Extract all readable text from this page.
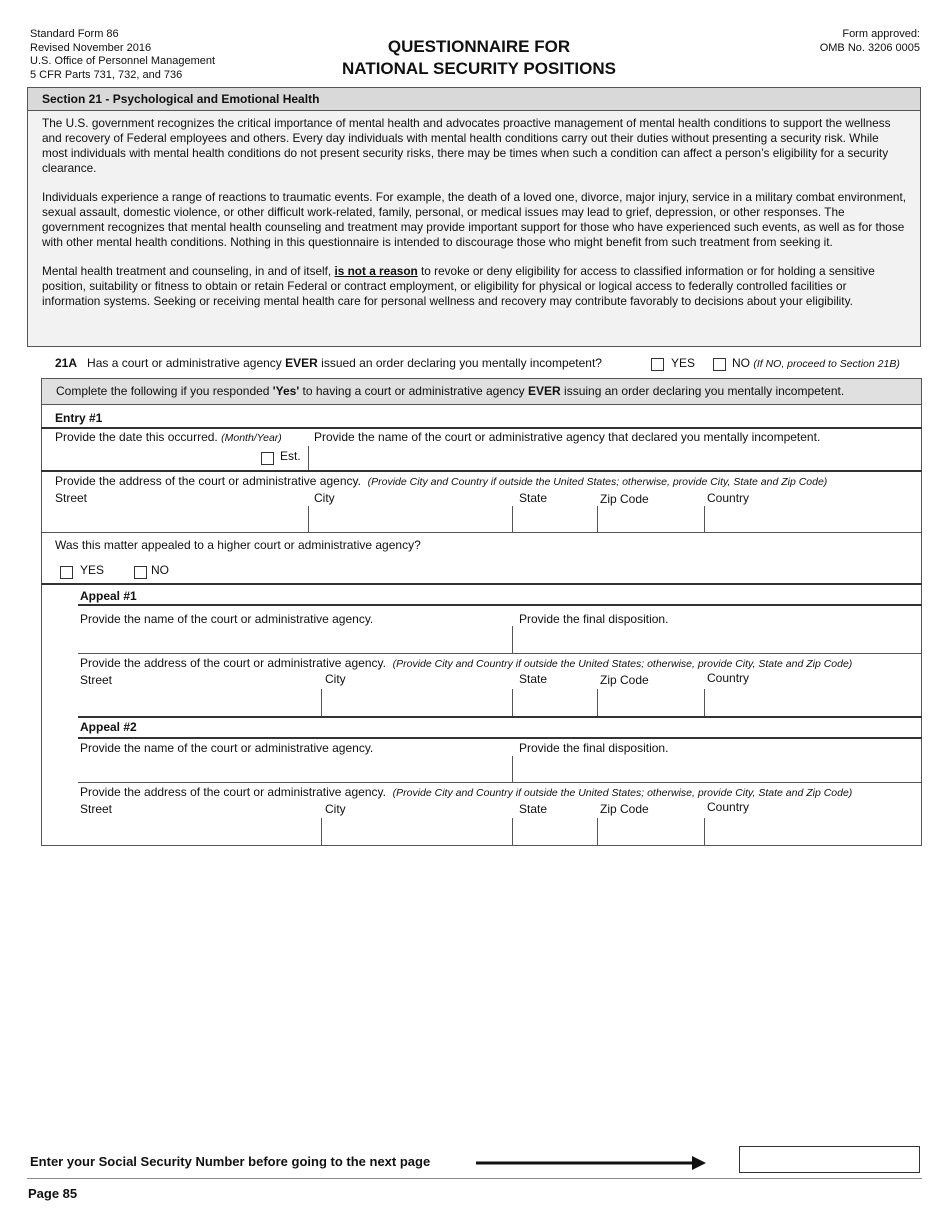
Standard Form 86
Revised November 2016
U.S. Office of Personnel Management
5 CFR Parts 731, 732, and 736
QUESTIONNAIRE FOR
NATIONAL SECURITY POSITIONS
Form approved:
OMB No. 3206 0005
Section 21 - Psychological and Emotional Health

The U.S. government recognizes the critical importance of mental health and advocates proactive management of mental health conditions to support the wellness and recovery of Federal employees and others. Every day individuals with mental health conditions carry out their duties without presenting a security risk. While most individuals with mental health conditions do not present security risks, there may be times when such a condition can affect a person’s eligibility for a security clearance.

Individuals experience a range of reactions to traumatic events. For example, the death of a loved one, divorce, major injury, service in a military combat environment, sexual assault, domestic violence, or other difficult work-related, family, personal, or medical issues may lead to grief, depression, or other responses. The government recognizes that mental health counseling and treatment may provide important support for those who have experienced such events, as well as for those with other mental health conditions. Nothing in this questionnaire is intended to discourage those who might benefit from such treatment from seeking it.

Mental health treatment and counseling, in and of itself, is not a reason to revoke or deny eligibility for access to classified information or for holding a sensitive position, suitability or fitness to obtain or retain Federal or contract employment, or eligibility for physical or logical access to federally controlled facilities or information systems. Seeking or receiving mental health care for personal wellness and recovery may contribute favorably to decisions about your eligibility.

21A Has a court or administrative agency EVER issued an order declaring you mentally incompetent?	YES	NO (If NO, proceed to Section 21B)
Complete the following if you responded 'Yes' to having a court or administrative agency EVER issuing an order declaring you mentally incompetent.
Entry #1
Provide the date this occurred. (Month/Year)
Est.
Provide the name of the court or administrative agency that declared you mentally incompetent.
Provide the address of the court or administrative agency. (Provide City and Country if outside the United States; otherwise, provide City, State and Zip Code)
Street	City	State	Zip Code	Country
Was this matter appealed to a higher court or administrative agency?
YES	NO
Appeal #1
Provide the name of the court or administrative agency.	Provide the final disposition.
Provide the address of the court or administrative agency. (Provide City and Country if outside the United States; otherwise, provide City, State and Zip Code)
Street	City	State	Zip Code	Country
Appeal #2
Provide the name of the court or administrative agency.	Provide the final disposition.
Provide the address of the court or administrative agency. (Provide City and Country if outside the United States; otherwise, provide City, State and Zip Code)
Street	City	State	Zip Code	Country
Enter your Social Security Number before going to the next page
Page 85
